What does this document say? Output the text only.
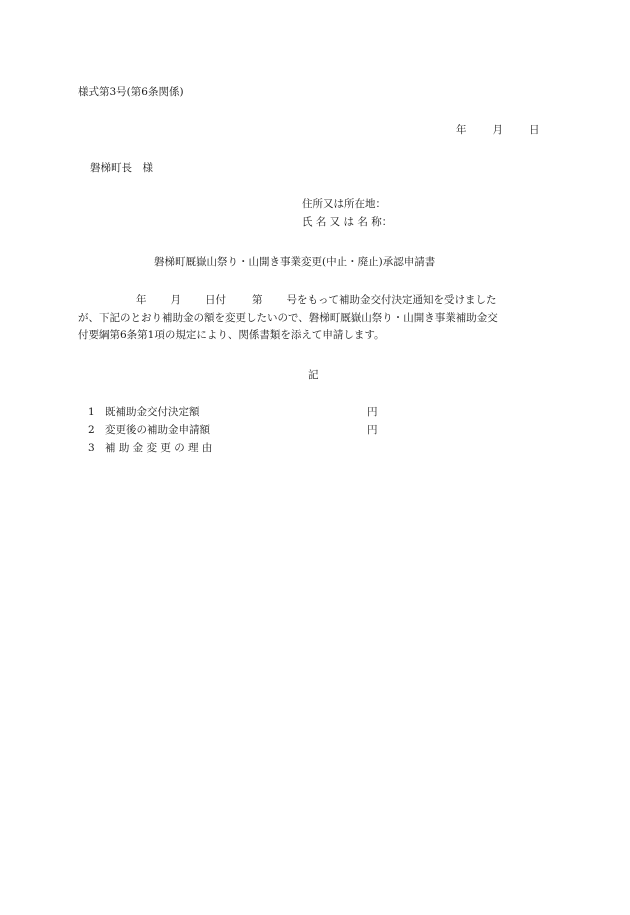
様式第3号(第6条関係)
年 月 日
磐梯町長　様
住所又は所在地：
氏 名 又 は 名 称：
磐梯町厩嶽山祭り・山開き事業変更(中止・廃止)承認申請書
年 月 日付 第 号をもって補助金交付決定通知を受けました
が、下記のとおり補助金の額を変更したいので、磐梯町厩嶽山祭り・山開き事業補助金交
付要綱第6条第1項の規定により、関係書類を添えて申請します。
記
1 既補助金交付決定額	円
2 変更後の補助金申請額	円
3 補 助 金 変 更 の 理 由
